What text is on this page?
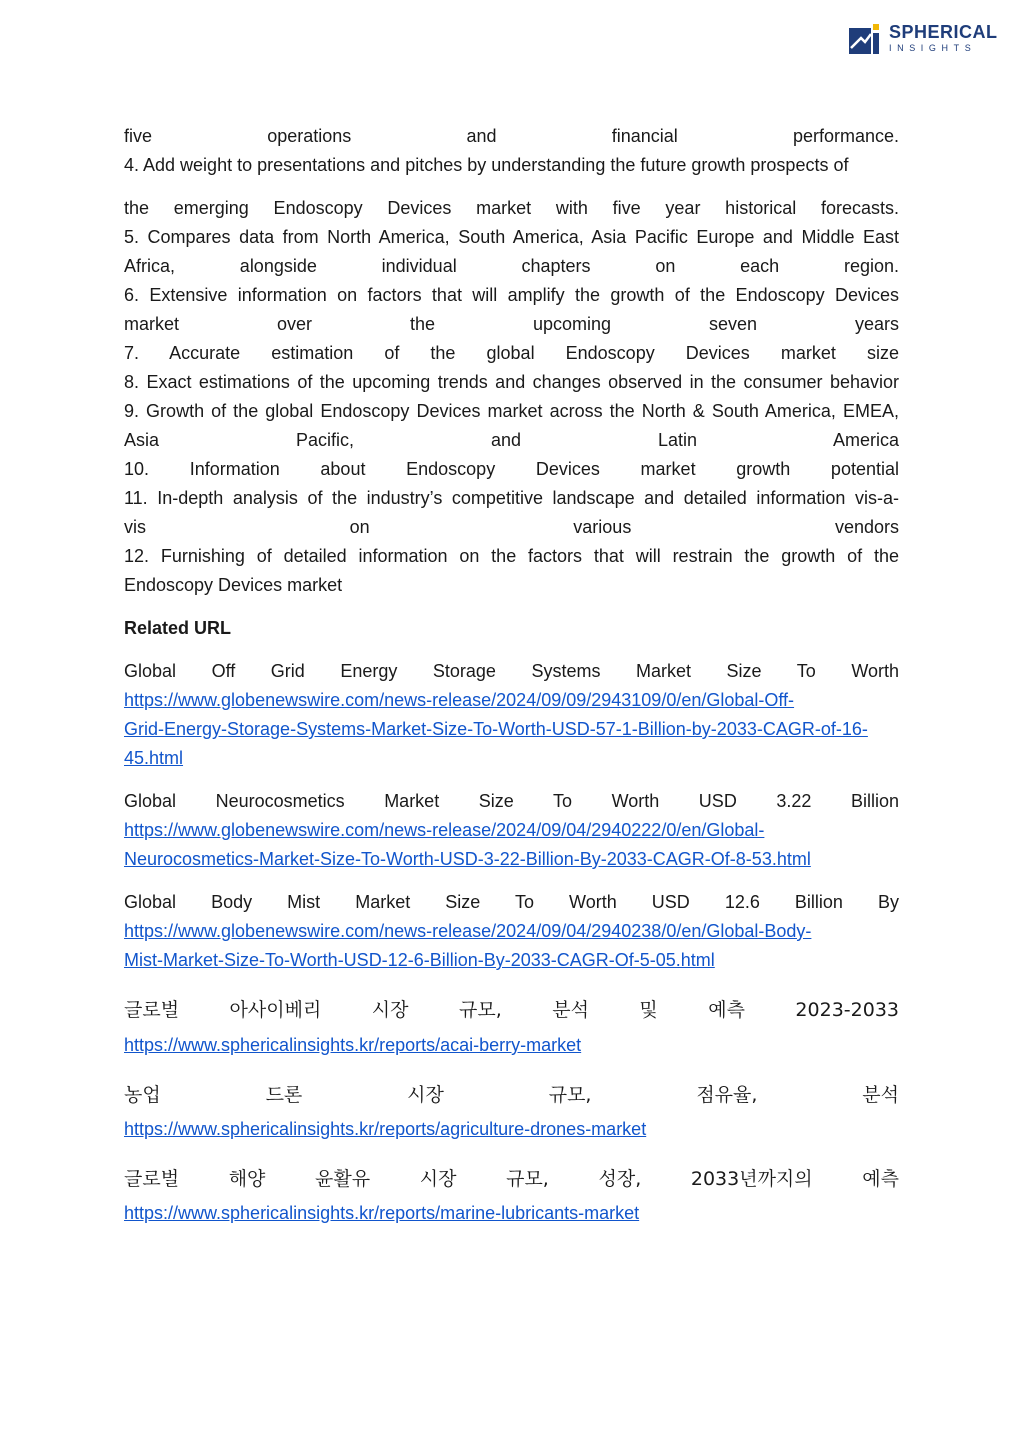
SPHERICAL
INSIGHTS
five operations and financial performance.
4. Add weight to presentations and pitches by understanding the future growth prospects of
the emerging Endoscopy Devices market with five year historical forecasts.
5. Compares data from North America, South America, Asia Pacific Europe and Middle East
Africa, alongside individual chapters on each region.
6. Extensive information on factors that will amplify the growth of the Endoscopy Devices
market over the upcoming seven years
7. Accurate estimation of the global Endoscopy Devices market size
8. Exact estimations of the upcoming trends and changes observed in the consumer behavior
9. Growth of the global Endoscopy Devices market across the North & South America, EMEA,
Asia Pacific, and Latin America
10. Information about Endoscopy Devices market growth potential
11. In-depth analysis of the industry’s competitive landscape and detailed information vis-a-
vis on various vendors
12. Furnishing of detailed information on the factors that will restrain the growth of the
Endoscopy Devices market
Related URL
Global Off Grid Energy Storage Systems Market Size To Worth
https://www.globenewswire.com/news-release/2024/09/09/2943109/0/en/Global-Off-
Grid-Energy-Storage-Systems-Market-Size-To-Worth-USD-57-1-Billion-by-2033-CAGR-of-16-
45.html
Global Neurocosmetics Market Size To Worth USD 3.22 Billion
https://www.globenewswire.com/news-release/2024/09/04/2940222/0/en/Global-
Neurocosmetics-Market-Size-To-Worth-USD-3-22-Billion-By-2033-CAGR-Of-8-53.html
Global Body Mist Market Size To Worth USD 12.6 Billion By
https://www.globenewswire.com/news-release/2024/09/04/2940238/0/en/Global-Body-
Mist-Market-Size-To-Worth-USD-12-6-Billion-By-2033-CAGR-Of-5-05.html
글로벌 아사이베리 시장 규모, 분석 및 예측 2023-2033
https://www.sphericalinsights.kr/reports/acai-berry-market
농업 드론 시장 규모, 점유율, 분석
https://www.sphericalinsights.kr/reports/agriculture-drones-market
글로벌 해양 윤활유 시장 규모, 성장, 2033년까지의 예측
https://www.sphericalinsights.kr/reports/marine-lubricants-market
